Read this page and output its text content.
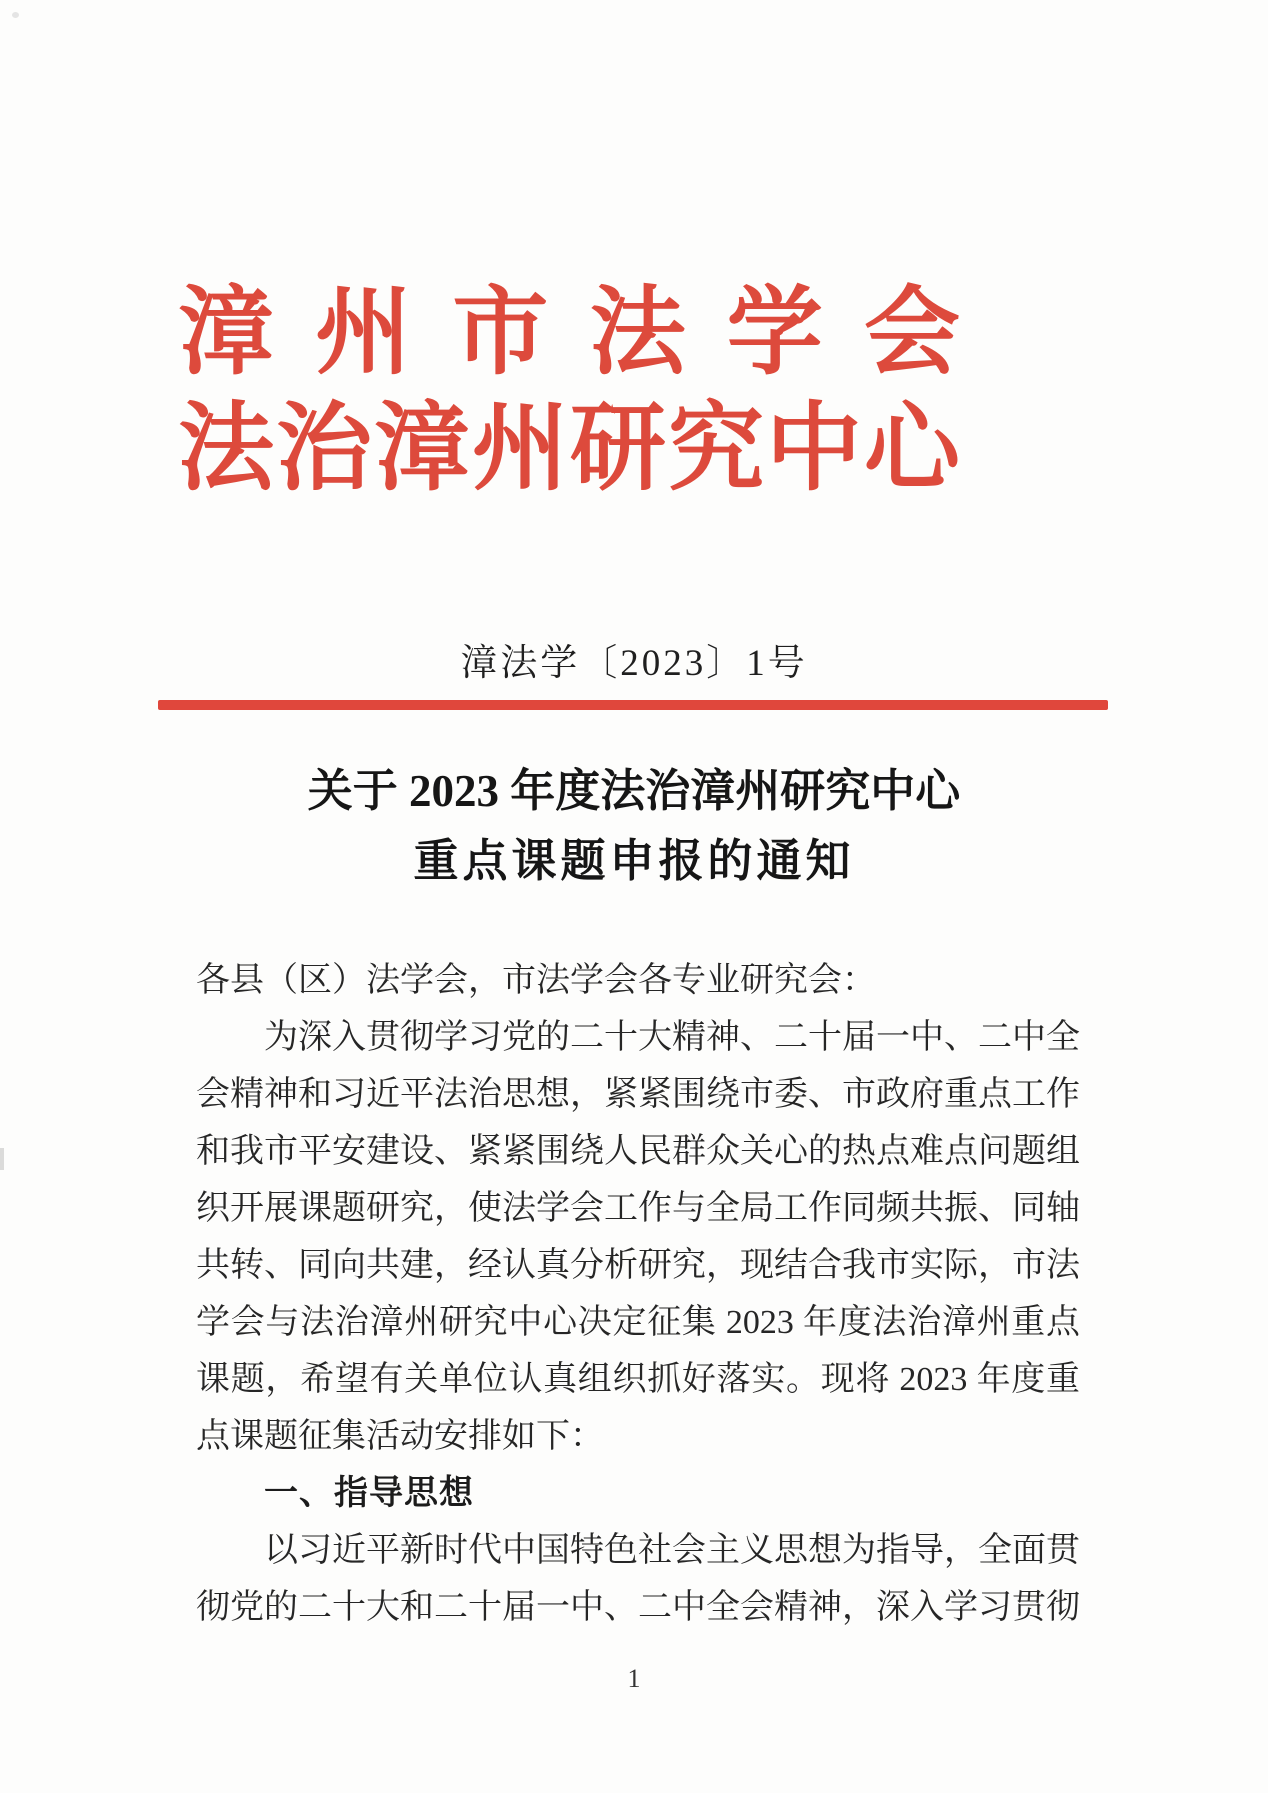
漳州市法学会
法治漳州研究中心
漳法学〔2023〕1号
关于 2023 年度法治漳州研究中心
重点课题申报的通知
各县（区）法学会，市法学会各专业研究会：
为深入贯彻学习党的二十大精神、二十届一中、二中全
会精神和习近平法治思想，紧紧围绕市委、市政府重点工作
和我市平安建设、紧紧围绕人民群众关心的热点难点问题组
织开展课题研究，使法学会工作与全局工作同频共振、同轴
共转、同向共建，经认真分析研究，现结合我市实际，市法
学会与法治漳州研究中心决定征集 2023 年度法治漳州重点
课题，希望有关单位认真组织抓好落实。现将 2023 年度重
点课题征集活动安排如下：
一、指导思想
以习近平新时代中国特色社会主义思想为指导，全面贯
彻党的二十大和二十届一中、二中全会精神，深入学习贯彻
1
